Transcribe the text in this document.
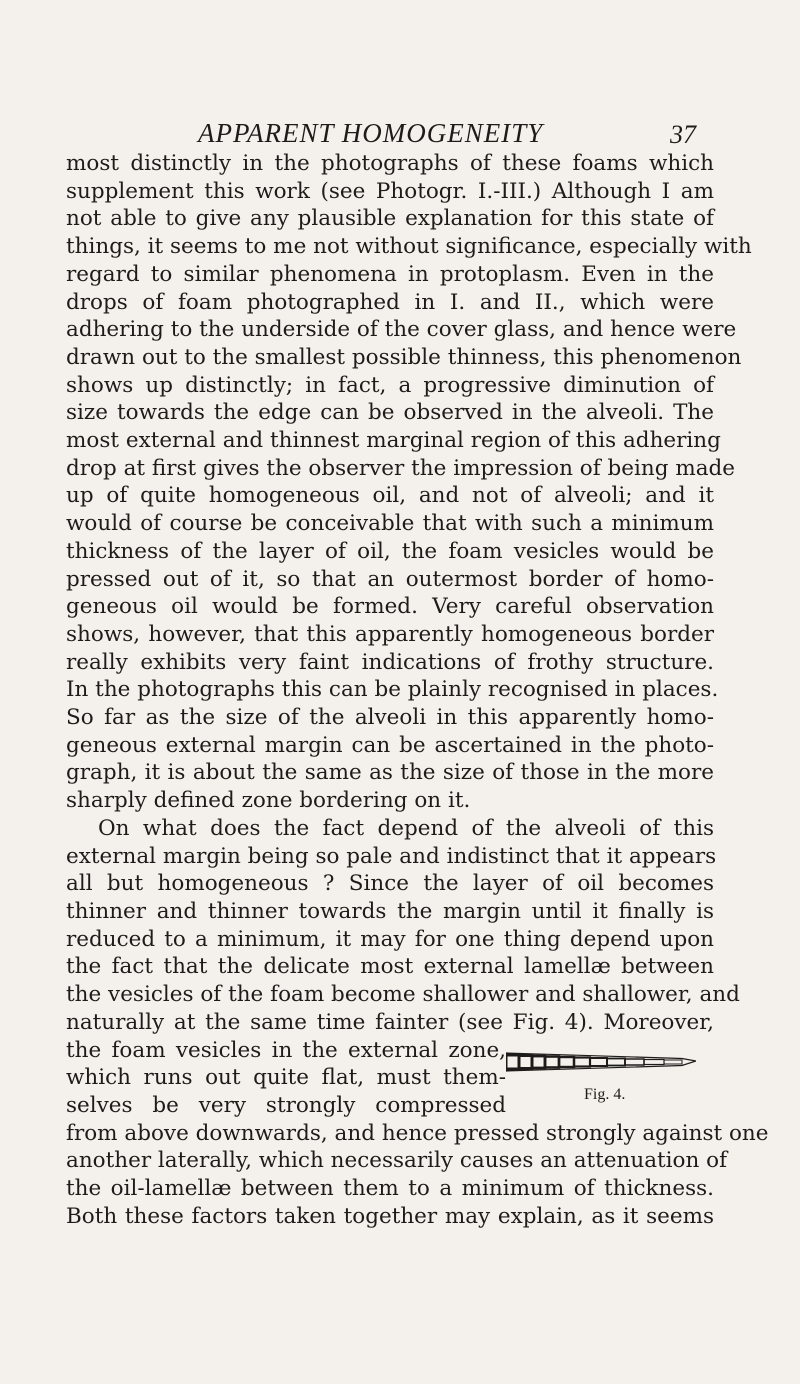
APPARENT HOMOGENEITY	37
most distinctly in the photographs of these foams which
supplement this work (see Photogr. I.-III.) Although I am
not able to give any plausible explanation for this state of
things, it seems to me not without significance, especially with
regard to similar phenomena in protoplasm. Even in the
drops of foam photographed in I. and II., which were
adhering to the underside of the cover glass, and hence were
drawn out to the smallest possible thinness, this phenomenon
shows up distinctly; in fact, a progressive diminution of
size towards the edge can be observed in the alveoli. The
most external and thinnest marginal region of this adhering
drop at first gives the observer the impression of being made
up of quite homogeneous oil, and not of alveoli; and it
would of course be conceivable that with such a minimum
thickness of the layer of oil, the foam vesicles would be
pressed out of it, so that an outermost border of homo-
geneous oil would be formed. Very careful observation
shows, however, that this apparently homogeneous border
really exhibits very faint indications of frothy structure.
In the photographs this can be plainly recognised in places.
So far as the size of the alveoli in this apparently homo-
geneous external margin can be ascertained in the photo-
graph, it is about the same as the size of those in the more
sharply defined zone bordering on it.
On what does the fact depend of the alveoli of this
external margin being so pale and indistinct that it appears
all but homogeneous ? Since the layer of oil becomes
thinner and thinner towards the margin until it finally is
reduced to a minimum, it may for one thing depend upon
the fact that the delicate most external lamellæ between
the vesicles of the foam become shallower and shallower, and
naturally at the same time fainter (see Fig. 4). Moreover,
the foam vesicles in the external zone,
which runs out quite flat, must them-
selves be very strongly compressed
from above downwards, and hence pressed strongly against one
another laterally, which necessarily causes an attenuation of
the oil-lamellæ between them to a minimum of thickness.
Both these factors taken together may explain, as it seems
Fig. 4.
